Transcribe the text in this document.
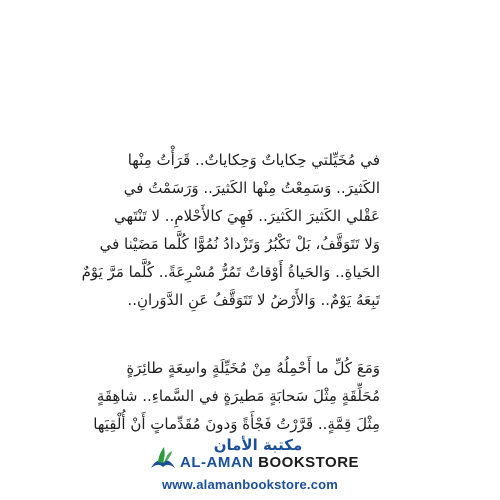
في مُخَيِّلتي حِكاياتٌ وَحِكاياتٌ.. قَرَأْتُ مِنْها
الكَثيرَ.. وَسَمِعْتُ مِنْها الكَثيرَ.. وَرَسَمْتُ في
عَقْلي الكَثيرَ الكَثيرَ.. فَهِيَ كالأَحْلامِ.. لا تَنْتَهي
وَلا تَتَوَقَّفُ، بَلْ تَكْبُرُ وَتَزْدادُ نُمُوًّا كُلَّما مَضَيْنا في
الحَياةِ.. وَالحَياةُ أَوْقاتٌ تَمُرُّ مُسْرِعَةً.. كُلَّما مَرَّ يَوْمٌ
تَبِعَهُ يَوْمٌ.. وَالأَرْضُ لا تَتَوَقَّفُ عَنِ الدَّوَرانِ..
وَمَعَ كُلِّ ما أَحْمِلُهُ مِنْ مُخَيِّلَةٍ واسِعَةٍ طائِرَةٍ
مُحَلِّقَةٍ مِثْلَ سَحابَةٍ مَطيرَةٍ في السَّماءِ.. شاهِقَةٍ
مِثْلَ قِمَّةٍ.. قَرَّرْتُ فَجْأَةً وَدونَ مُقَدِّماتٍ أَنْ أُلْقِيَها
مكتبة الأمان
AL-AMAN BOOKSTORE
www.alamanbookstore.com
